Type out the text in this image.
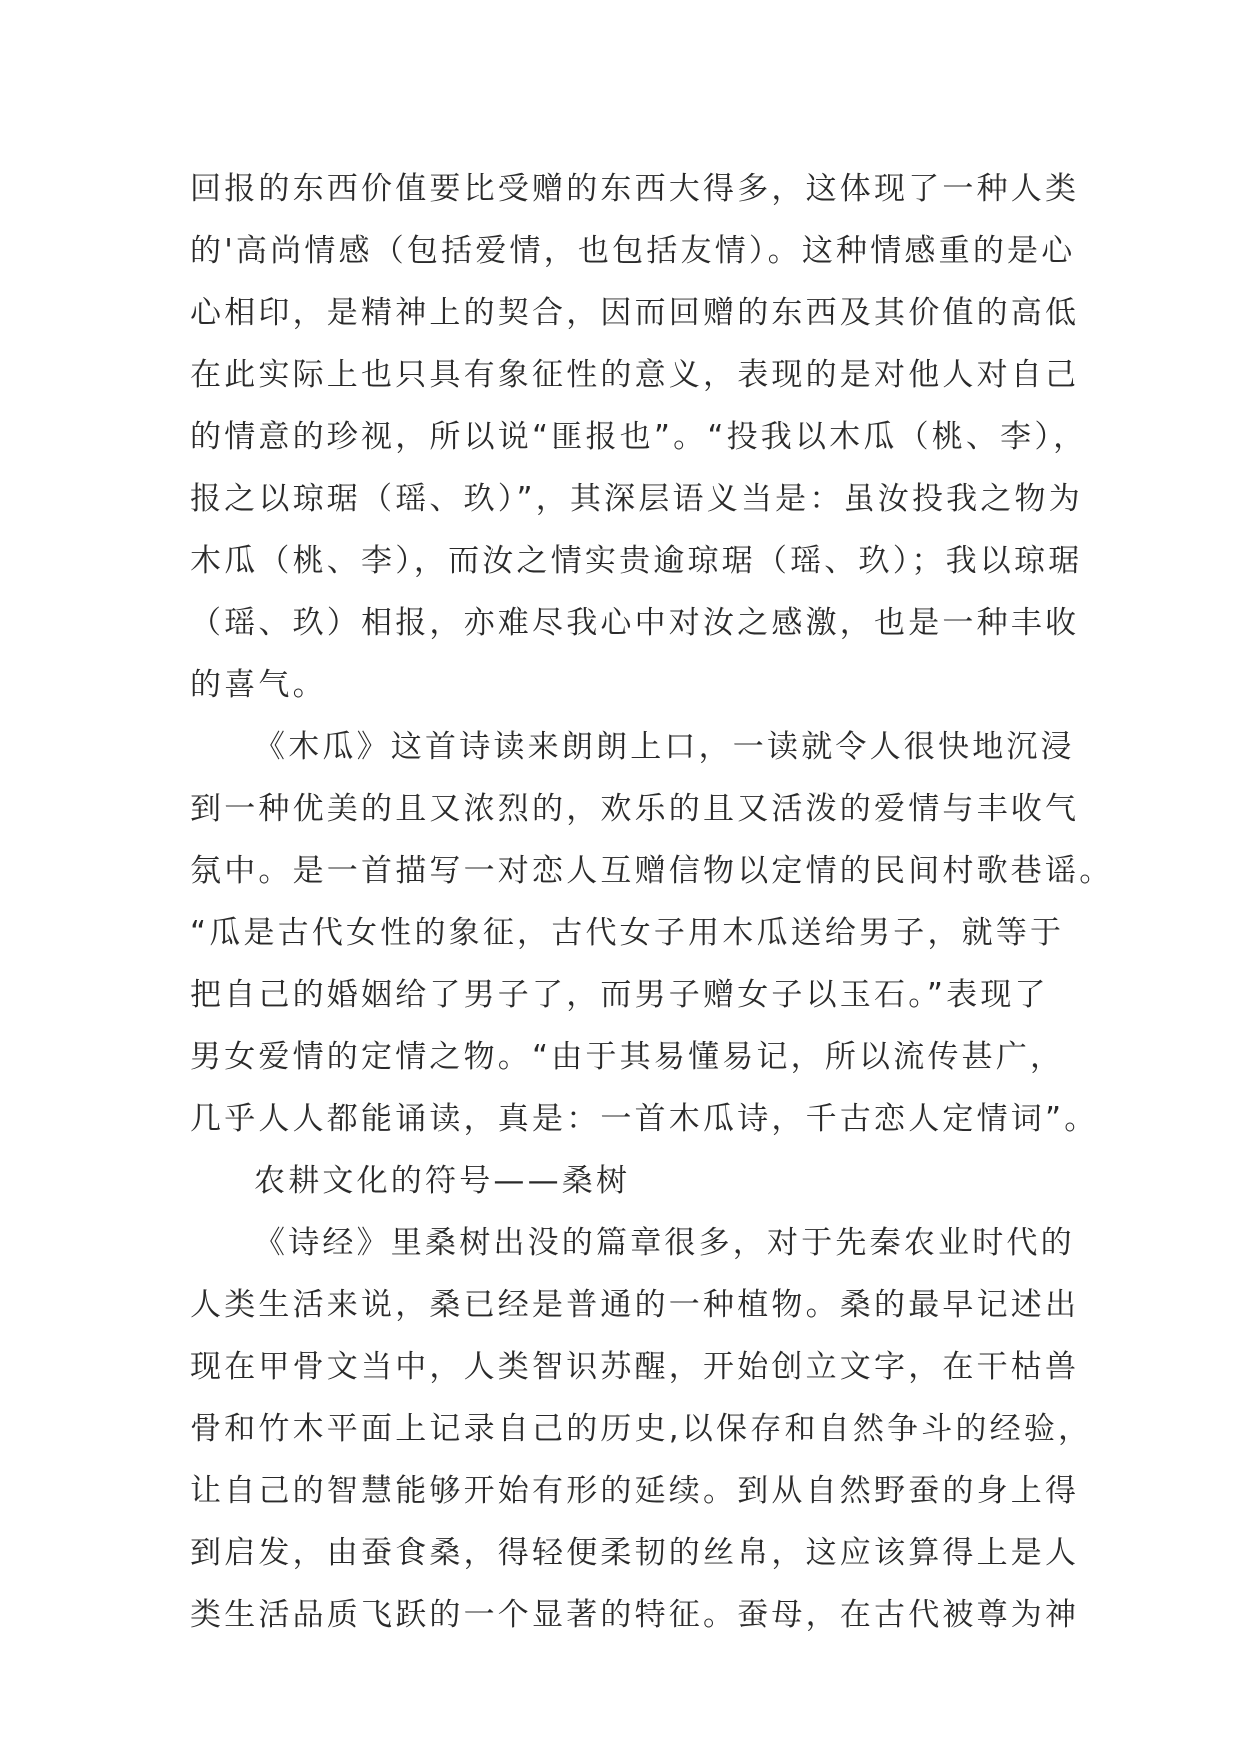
回报的东西价值要比受赠的东西大得多，这体现了一种人类
的'高尚情感（包括爱情，也包括友情）。这种情感重的是心
心相印，是精神上的契合，因而回赠的东西及其价值的高低
在此实际上也只具有象征性的意义，表现的是对他人对自己
的情意的珍视，所以说“匪报也”。“投我以木瓜（桃、李），
报之以琼琚（瑶、玖）”，其深层语义当是：虽汝投我之物为
木瓜（桃、李），而汝之情实贵逾琼琚（瑶、玖）；我以琼琚
（瑶、玖）相报，亦难尽我心中对汝之感激，也是一种丰收
的喜气。
《木瓜》这首诗读来朗朗上口，一读就令人很快地沉浸
到一种优美的且又浓烈的，欢乐的且又活泼的爱情与丰收气
氛中。是一首描写一对恋人互赠信物以定情的民间村歌巷谣。
“瓜是古代女性的象征，古代女子用木瓜送给男子，就等于
把自己的婚姻给了男子了，而男子赠女子以玉石。”表现了
男女爱情的定情之物。“由于其易懂易记，所以流传甚广，
几乎人人都能诵读，真是：一首木瓜诗，千古恋人定情词”。
农耕文化的符号——桑树
《诗经》里桑树出没的篇章很多，对于先秦农业时代的
人类生活来说，桑已经是普通的一种植物。桑的最早记述出
现在甲骨文当中，人类智识苏醒，开始创立文字，在干枯兽
骨和竹木平面上记录自己的历史,以保存和自然争斗的经验，
让自己的智慧能够开始有形的延续。到从自然野蚕的身上得
到启发，由蚕食桑，得轻便柔韧的丝帛，这应该算得上是人
类生活品质飞跃的一个显著的特征。蚕母，在古代被尊为神
